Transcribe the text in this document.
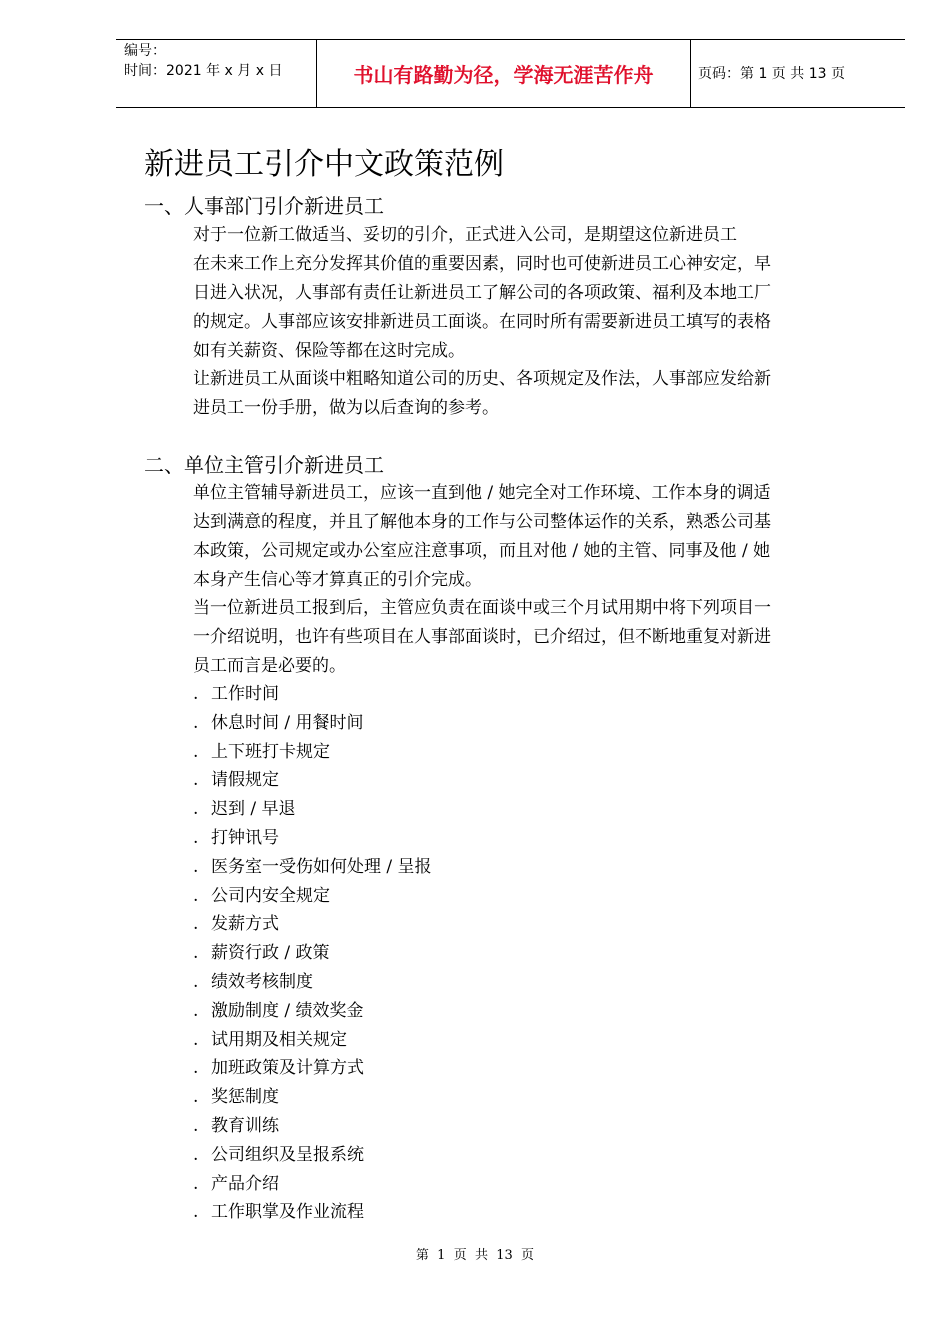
编号：
时间：2021 年 x 月 x 日	书山有路勤为径，学海无涯苦作舟	页码：第 1 页 共 13 页
新进员工引介中文政策范例
一、人事部门引介新进员工
对于一位新工做适当、妥切的引介，正式进入公司，是期望这位新进员工
在未来工作上充分发挥其价值的重要因素，同时也可使新进员工心神安定，早
日进入状况，人事部有责任让新进员工了解公司的各项政策、福利及本地工厂
的规定。人事部应该安排新进员工面谈。在同时所有需要新进员工填写的表格
如有关薪资、保险等都在这时完成。
让新进员工从面谈中粗略知道公司的历史、各项规定及作法，人事部应发给新
进员工一份手册，做为以后查询的参考。
二、单位主管引介新进员工
单位主管辅导新进员工，应该一直到他 / 她完全对工作环境、工作本身的调适
达到满意的程度，并且了解他本身的工作与公司整体运作的关系，熟悉公司基
本政策，公司规定或办公室应注意事项，而且对他 / 她的主管、同事及他 / 她
本身产生信心等才算真正的引介完成。
当一位新进员工报到后，主管应负责在面谈中或三个月试用期中将下列项目一
一介绍说明，也许有些项目在人事部面谈时，已介绍过，但不断地重复对新进
员工而言是必要的。
. 工作时间
. 休息时间 / 用餐时间
. 上下班打卡规定
. 请假规定
. 迟到 / 早退
. 打钟讯号
. 医务室一受伤如何处理 / 呈报
. 公司内安全规定
. 发薪方式
. 薪资行政 / 政策
. 绩效考核制度
. 激励制度 / 绩效奖金
. 试用期及相关规定
. 加班政策及计算方式
. 奖惩制度
. 教育训练
. 公司组织及呈报系统
. 产品介绍
. 工作职掌及作业流程
第  1  页  共  13  页
